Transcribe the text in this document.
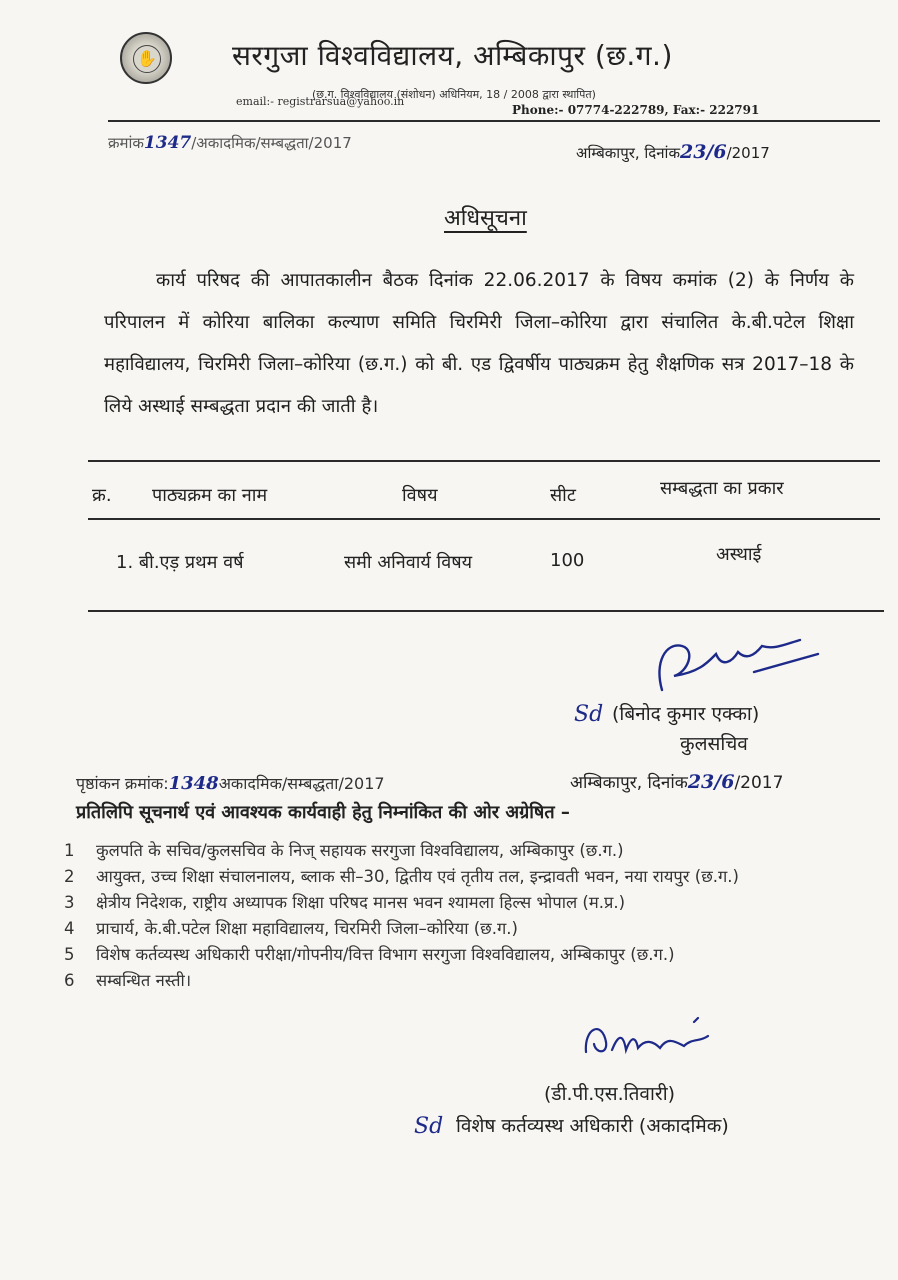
✋	सरगुजा विश्वविद्यालय, अम्बिकापुर (छ.ग.)
(छ.ग. विश्वविद्यालय (संशोधन) अधिनियम, 18 / 2008 द्वारा स्थापित)
email:- registrarsua@yahoo.in
Phone:- 07774-222789, Fax:- 222791
क्रमांक1347/अकादमिक/सम्बद्धता/2017
अम्बिकापुर, दिनांक23/6/2017
अधिसूचना
कार्य परिषद की आपातकालीन बैठक दिनांक 22.06.2017 के विषय कमांक (2) के निर्णय के परिपालन में कोरिया बालिका कल्याण समिति चिरमिरी जिला–कोरिया द्वारा संचालित के.बी.पटेल शिक्षा महाविद्यालय, चिरमिरी जिला–कोरिया (छ.ग.) को बी. एड द्विवर्षीय पाठ्यक्रम हेतु शैक्षणिक सत्र 2017–18 के लिये अस्थाई सम्बद्धता प्रदान की जाती है।
क्र. पाठ्यक्रम का नाम	विषय	सीट	सम्बद्धता का प्रकार
1. बी.एड़ प्रथम वर्ष	समी अनिवार्य विषय	100	अस्थाई
Sd (बिनोद कुमार एक्का)
कुलसचिव
पृष्ठांकन क्रमांक:1348अकादमिक/सम्बद्धता/2017	अम्बिकापुर, दिनांक23/6/2017
प्रतिलिपि सूचनार्थ एवं आवश्यक कार्यवाही हेतु निम्नांकित की ओर अग्रेषित –
1	कुलपति के सचिव/कुलसचिव के निज् सहायक सरगुजा विश्वविद्यालय, अम्बिकापुर (छ.ग.)
2	आयुक्त, उच्च शिक्षा संचालनालय, ब्लाक सी–30, द्वितीय एवं तृतीय तल, इन्द्रावती भवन, नया रायपुर (छ.ग.)
3	क्षेत्रीय निदेशक, राष्ट्रीय अध्यापक शिक्षा परिषद मानस भवन श्यामला हिल्स भोपाल (म.प्र.)
4	प्राचार्य, के.बी.पटेल शिक्षा महाविद्यालय, चिरमिरी जिला–कोरिया (छ.ग.)
5	विशेष कर्तव्यस्थ अधिकारी परीक्षा/गोपनीय/वित्त विभाग सरगुजा विश्वविद्यालय, अम्बिकापुर (छ.ग.)
6	सम्बन्धित नस्ती।
(डी.पी.एस.तिवारी)
Sd विशेष कर्तव्यस्थ अधिकारी (अकादमिक)
